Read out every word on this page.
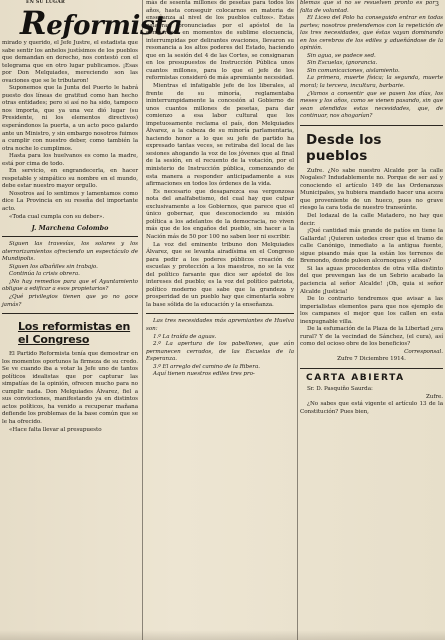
EN SU LUGAR
Reformista

mirado y querido, el Jefe Justre, el estadista que sabe sentir los anhelos justísimos de los pueblos que demandan en derecho, nos contestó con el telegrama que en otro lugar publicamos. ¡Esas por Don Melquiades, mereciendo son las ovaciones que se le tributaron!

Suponemos que la Junta del Puerto le habrá puesto dos líneas de gratitud como han hecho otras entidades; pero si así no ha sido, tampoco nos importa, que ya una vez dió lugar (su Presidente, ni los elementos directivos) esperándonos la puerta, a un acto poco galardo ante un Ministro, y sin embargo nosotros fuimos a cumplir con nuestro deber, como también la otra noche lo cumplimos.

Hasta para los huelvanos es como la madre, está por cima de todo.

En servicio, en engrandecerla, en hacer respetable y simpático su nombre en el mundo, debe estar nuestro mayor orgullo.

Nosotros así lo sentimos y lamentamos como dice La Provincia en su reseña del importante acto.

«Toda cual cumpla con su deber».

J. Marchena Colombo

Siguen las travesías, los solares y los aterrorizamientos ofreciendo un espectáculo de Mundipolis.

Siguen los albañiles sin trabajo.

Continúa la crisis obrera.

¡No hay remedios para que el Ayuntamiento obligue a edificar a esos propietarios?

¿Qué privilegios tienen que yo no goce jamás?

Los reformistas en el Congreso

El Partido Reformista tenía que demostrar en los momentos oportunos la firmeza de su credo. Se ve cuando iba a votar la Jefe uno de tantos políticos idealistas que por capturar las simpatías de la opinión, ofrecen mucho para no cumplir nada. Don Melquiades Álvarez, fiel a sus convicciones, manifestando ya en distintos actos políticos, ha venido a recuperar mañana defiende los problemas de la base común que se le ha ofrecido.

«Hace falta llevar al presupuesto

más de sesenta millones de pesetas para todos los años, hasta conseguir colocarnos en materia de enseñanza al nivel de los pueblos cultos». Estas palabras, pronunciadas por el apóstol de la democracia en momentos de sublime elocuencia, interrumpidas por delirantes ovaciones, llevaron su resonancia a los altos poderes del Estado, haciendo que en la sesión del 4 de las Cortes, se consignaran en los presupuestos de Instrucción Pública unos cuantos millones, para lo que el jefe de los reformistas consideró de más apremiante necesidad.

Mientras el infatigable jefe de los liberales, al frente de su minoría, reglamentaba ininterrumpidamente la concesión al Gobierno de unos cuantos millones de pesetas, para dar comienzo a esa labor cultural que los impetuosamente reclama el país, don Melquiades Álvarez, a la cabeza de su minoría parlamentaria, haciendo honor a lo que su jefe de partido ha expresado tantas veces, se retiraba del local de las sesiones ahogando la voz de los jóvenes que al final de la sesión, en el recuento de la votación, por el ministerio de Instrucción pública, comenzando de esta manera a responder anticipadamente a sus afirmaciones en todos los órdenes de la vida.

Es necesario que desaparezca esa vergonzosa nota del analfabetismo, del cual hay que culpar exclusivamente a los Gobiernos, que parece que el único gobernar, que desconociendo su misión política a los adelantos de la democracia, no viven más que de los engaños del pueblo, sin hacer a la Nación más de 50 por 100 no saben leer ni escribir.

La voz del eminente tribuno don Melquiades Álvarez, que se levanta airadísima en el Congreso para pedir a los poderes públicos creación de escuelas y protección a los maestros, no se la voz del político farsante que dice ser apóstol de los intereses del pueblo; es la voz del político patriota, político moderno que sabe que la grandeza y prosperidad de un pueblo hay que cimentarla sobre la base sólida de la educación y la enseñanza.

Las tres necesidades más apremiantes de Huelva son:

1.º La traída de aguas.

2.º La apertura de los pabellones, que aún permanecen cerrados, de las Escuelas de la Esperanza.

3.º El arreglo del camino de la Ribera.

Aquí tienen nuestros ediles tres pro-

3

blemas que si no se resuelven pronto es por falta de voluntad.

El Liceo del Polo ha conseguido entrar en todas partes; nosotros pretendemos con la repetición de las tres necesidades, que éstas vayan dominando en los cerebros de los ediles y adueñándose de la opinión.

Sin agua, se padece sed.

Sin Escuelas, ignorancia.

Sin comunicaciones, aislamiento.

La primera, muerte física; la segunda, muerte moral; la tercera, incultura, barbarie.

¿Vamos a consentir que se pasen los días, los meses y los años, como se vienen pasando, sin que sean atendidas estas necesidades, que, de continuar, nos ahogarían?

Desde los pueblos

Zufre. ¿No sabe nuestro Alcalde por la calle Nogales? Indudablemente no. Porque de ser así y conociendo el artículo 149 de las Ordenanzas Municipales, ya hubiera mandado hacer una acera que proveniente de un hueco, pues no grave riesgo la cara toda de nuestro transeúnte.

Del lodazal de la calle Matadero, no hay que decir.

¡Qué cantidad más grande de patíos en tiene la Gallarda! ¡Quieren ustedes creer que el tramo de calle Canónigo, inmediato a la antigua fuente, sigue pisando más que la están los terrenos de Bremondo, donde puleen alcornoques y alisos?

Si las aguas procedentes de otra villa distinto del que prevengan las de un Sebrio acabado la paciencia al señor Alcalde! ¡Oh, quia si señor Alcalde ¡Justicia!

De lo contrario tendremos que avisar a las imperialistas elementos para que nos ejemplo de los campanes el mejor que los callen en esta inexpugnable villa.

De la esfumación de la Plaza de la Libertad ¿era rural? Y de la vecindad de Sánchez, (el cura), así como del ocioso obre de los beneficios?

Corresponsal.

Zufre 7 Diciembre 1914.

CARTA ABIERTA

Sr. D. Pasquiño Saurda:

Zufre.

¿No sabes que está vigente el artículo 13 de la Constitución? Pues bien,
